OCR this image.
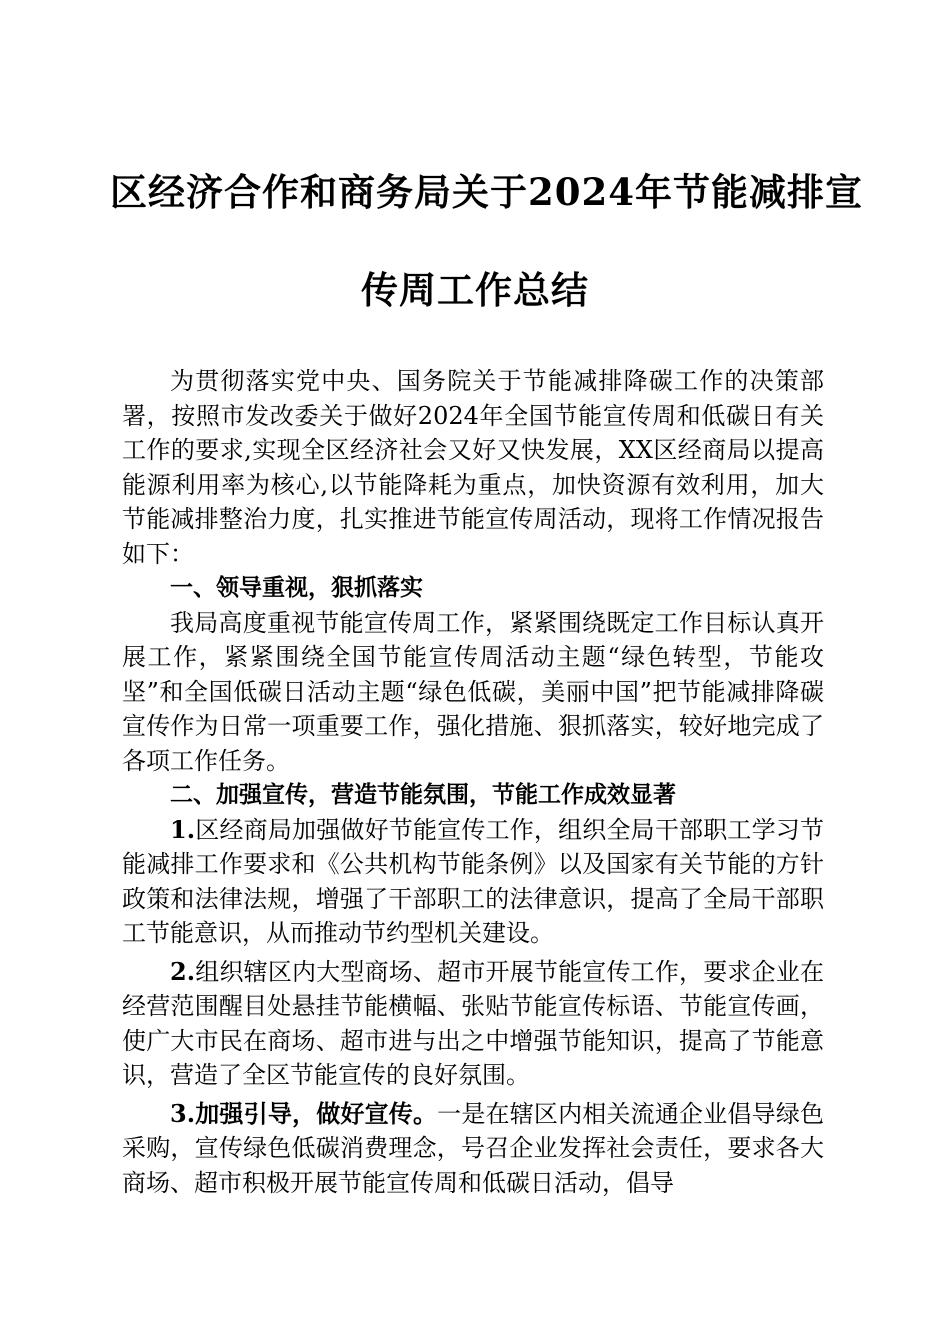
区经济合作和商务局关于2024年节能减排宣
传周工作总结

为贯彻落实党中央、国务院关于节能减排降碳工作的决策部署，按照市发改委关于做好2024年全国节能宣传周和低碳日有关工作的要求,实现全区经济社会又好又快发展，XX区经商局以提高能源利用率为核心,以节能降耗为重点，加快资源有效利用，加大节能减排整治力度，扎实推进节能宣传周活动，现将工作情况报告如下：

一、领导重视，狠抓落实

我局高度重视节能宣传周工作，紧紧围绕既定工作目标认真开展工作，紧紧围绕全国节能宣传周活动主题“绿色转型，节能攻坚”和全国低碳日活动主题“绿色低碳，美丽中国”把节能减排降碳宣传作为日常一项重要工作，强化措施、狠抓落实，较好地完成了各项工作任务。

二、加强宣传，营造节能氛围，节能工作成效显著

1.区经商局加强做好节能宣传工作，组织全局干部职工学习节能减排工作要求和《公共机构节能条例》以及国家有关节能的方针政策和法律法规，增强了干部职工的法律意识，提高了全局干部职工节能意识，从而推动节约型机关建设。

2.组织辖区内大型商场、超市开展节能宣传工作，要求企业在经营范围醒目处悬挂节能横幅、张贴节能宣传标语、节能宣传画，使广大市民在商场、超市进与出之中增强节能知识，提高了节能意识，营造了全区节能宣传的良好氛围。

3.加强引导，做好宣传。一是在辖区内相关流通企业倡导绿色采购，宣传绿色低碳消费理念，号召企业发挥社会责任，要求各大商场、超市积极开展节能宣传周和低碳日活动，倡导
